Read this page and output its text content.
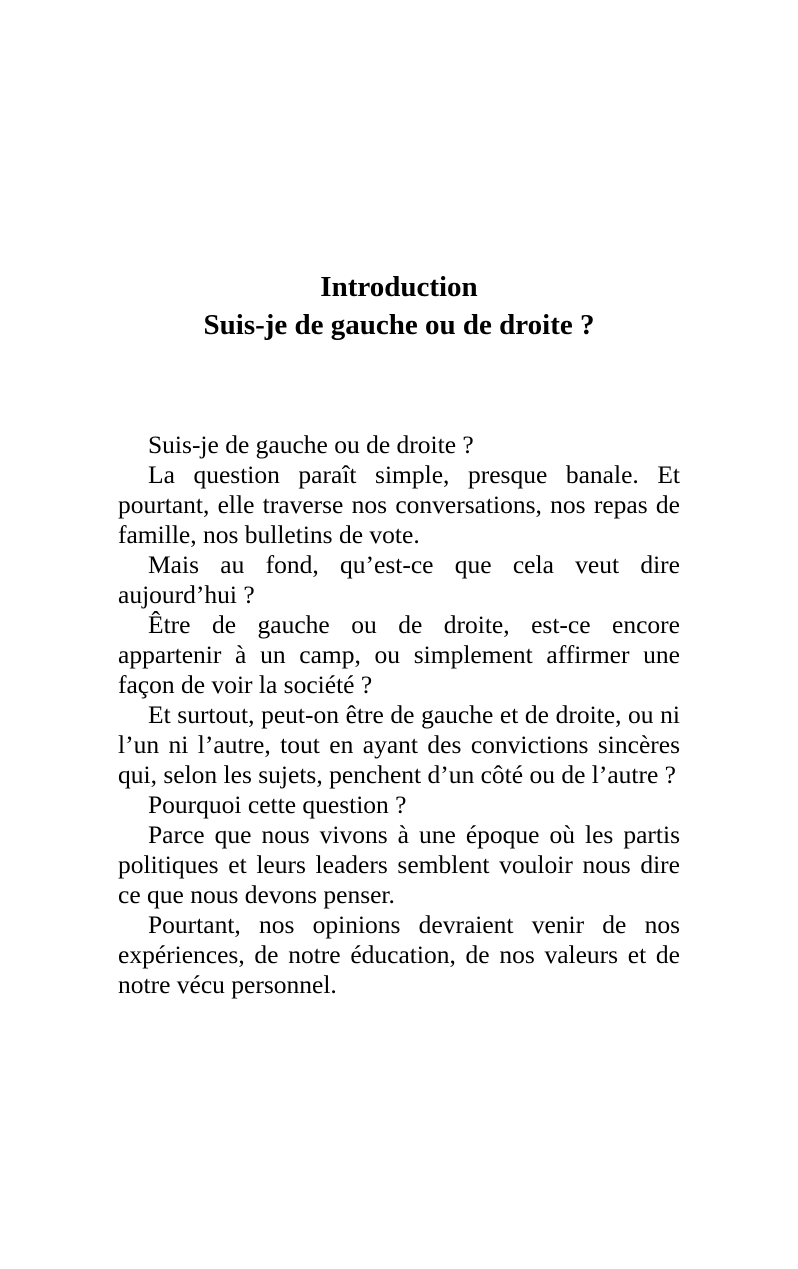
Introduction
Suis-je de gauche ou de droite ?

Suis-je de gauche ou de droite ?

La question paraît simple, presque banale. Et pourtant, elle traverse nos conversations, nos repas de famille, nos bulletins de vote.

Mais au fond, qu’est-ce que cela veut dire aujourd’hui ?

Être de gauche ou de droite, est-ce encore appartenir à un camp, ou simplement affirmer une façon de voir la société ?

Et surtout, peut-on être de gauche et de droite, ou ni l’un ni l’autre, tout en ayant des convictions sincères qui, selon les sujets, penchent d’un côté ou de l’autre ?

Pourquoi cette question ?

Parce que nous vivons à une époque où les partis politiques et leurs leaders semblent vouloir nous dire ce que nous devons penser.

Pourtant, nos opinions devraient venir de nos expériences, de notre éducation, de nos valeurs et de notre vécu personnel.
